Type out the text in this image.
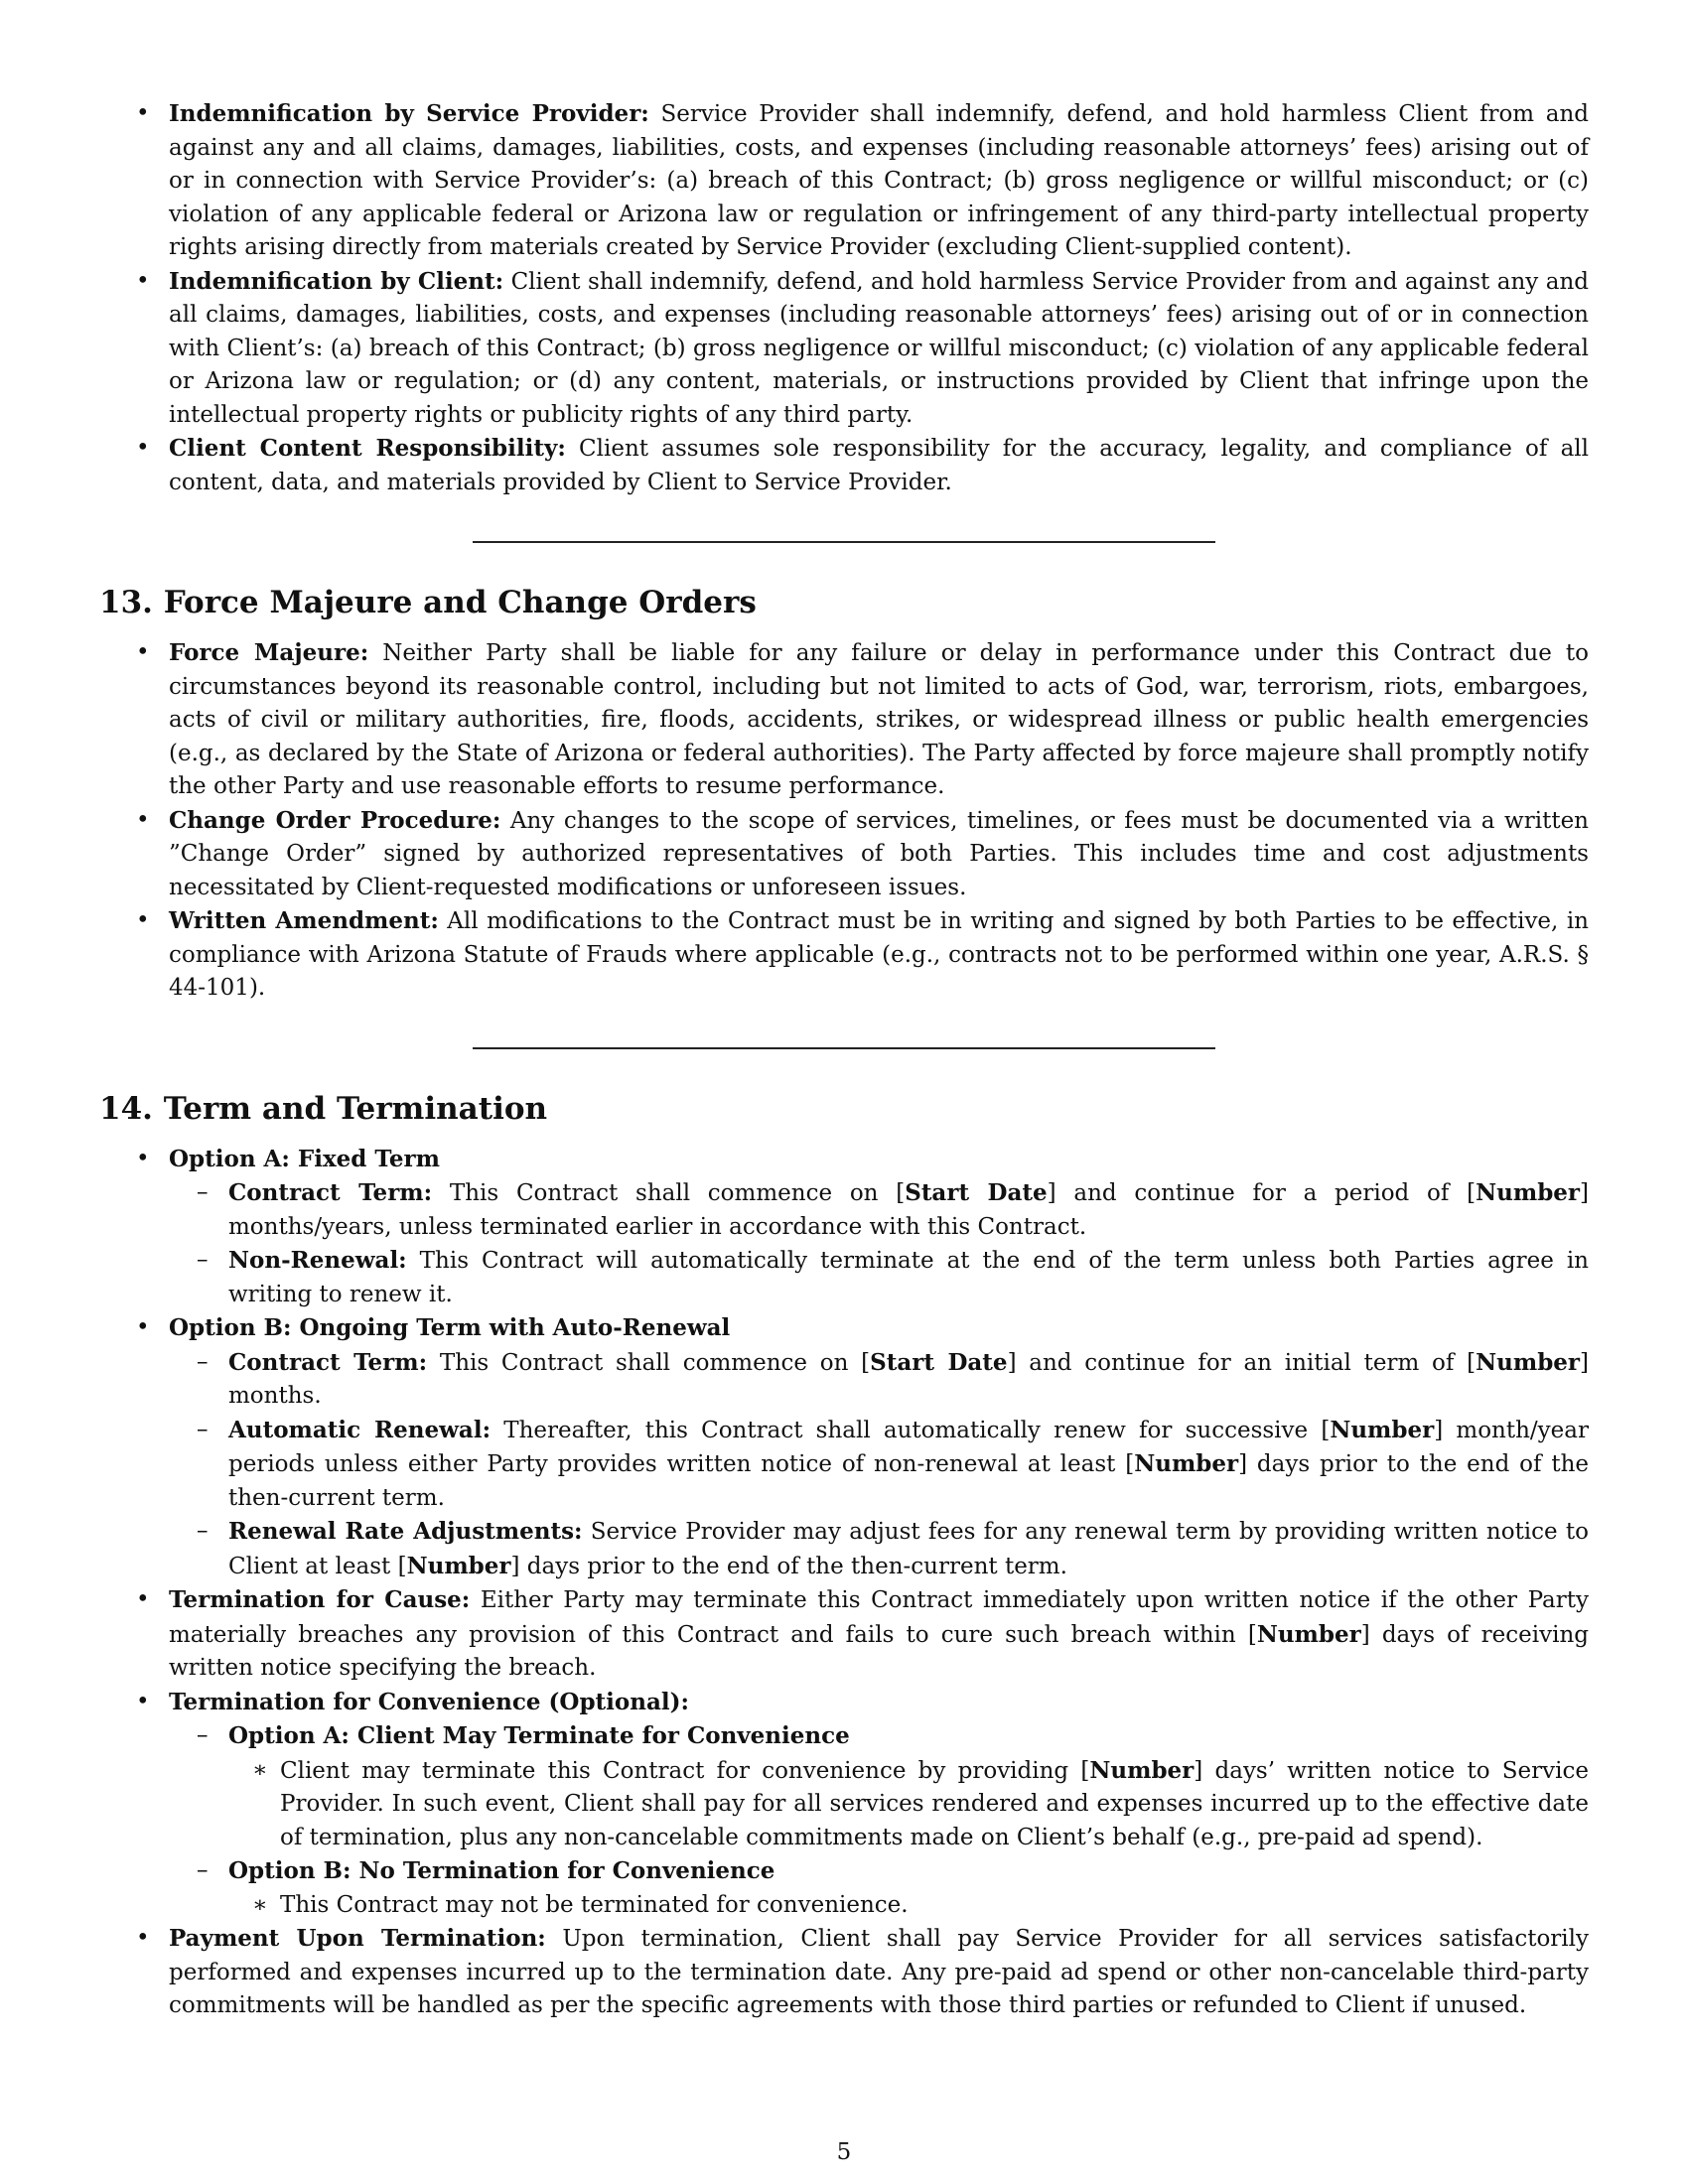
• Indemnification by Service Provider: Service Provider shall indemnify, defend, and hold harmless Client from and against any and all claims, damages, liabilities, costs, and expenses (including reasonable attorneys’ fees) arising out of or in connection with Service Provider’s: (a) breach of this Contract; (b) gross negligence or willful misconduct; or (c) violation of any applicable federal or Arizona law or regulation or infringement of any third-party intellectual property rights arising directly from materials created by Service Provider (excluding Client-supplied content).
• Indemnification by Client: Client shall indemnify, defend, and hold harmless Service Provider from and against any and all claims, damages, liabilities, costs, and expenses (including reasonable attorneys’ fees) arising out of or in connection with Client’s: (a) breach of this Contract; (b) gross negligence or willful misconduct; (c) violation of any applicable federal or Arizona law or regulation; or (d) any content, materials, or instructions provided by Client that infringe upon the intellectual property rights or publicity rights of any third party.
• Client Content Responsibility: Client assumes sole responsibility for the accuracy, legality, and compliance of all content, data, and materials provided by Client to Service Provider.
13. Force Majeure and Change Orders
• Force Majeure: Neither Party shall be liable for any failure or delay in performance under this Contract due to circumstances beyond its reasonable control, including but not limited to acts of God, war, terrorism, riots, embargoes, acts of civil or military authorities, fire, floods, accidents, strikes, or widespread illness or public health emergencies (e.g., as declared by the State of Arizona or federal authorities). The Party affected by force majeure shall promptly notify the other Party and use reasonable efforts to resume performance.
• Change Order Procedure: Any changes to the scope of services, timelines, or fees must be documented via a written ”Change Order” signed by authorized representatives of both Parties. This includes time and cost adjustments necessitated by Client-requested modifications or unforeseen issues.
• Written Amendment: All modifications to the Contract must be in writing and signed by both Parties to be effective, in compliance with Arizona Statute of Frauds where applicable (e.g., contracts not to be performed within one year, A.R.S. § 44-101).
14. Term and Termination
• Option A: Fixed Term
– Contract Term: This Contract shall commence on [Start Date] and continue for a period of [Number] months/years, unless terminated earlier in accordance with this Contract.
– Non-Renewal: This Contract will automatically terminate at the end of the term unless both Parties agree in writing to renew it.
• Option B: Ongoing Term with Auto-Renewal
– Contract Term: This Contract shall commence on [Start Date] and continue for an initial term of [Number] months.
– Automatic Renewal: Thereafter, this Contract shall automatically renew for successive [Number] month/year periods unless either Party provides written notice of non-renewal at least [Number] days prior to the end of the then-current term.
– Renewal Rate Adjustments: Service Provider may adjust fees for any renewal term by providing written notice to Client at least [Number] days prior to the end of the then-current term.
• Termination for Cause: Either Party may terminate this Contract immediately upon written notice if the other Party materially breaches any provision of this Contract and fails to cure such breach within [Number] days of receiving written notice specifying the breach.
• Termination for Convenience (Optional):
– Option A: Client May Terminate for Convenience
∗ Client may terminate this Contract for convenience by providing [Number] days’ written notice to Service Provider. In such event, Client shall pay for all services rendered and expenses incurred up to the effective date of termination, plus any non-cancelable commitments made on Client’s behalf (e.g., pre-paid ad spend).
– Option B: No Termination for Convenience
∗ This Contract may not be terminated for convenience.
• Payment Upon Termination: Upon termination, Client shall pay Service Provider for all services satisfactorily performed and expenses incurred up to the termination date. Any pre-paid ad spend or other non-cancelable third-party commitments will be handled as per the specific agreements with those third parties or refunded to Client if unused.
5
